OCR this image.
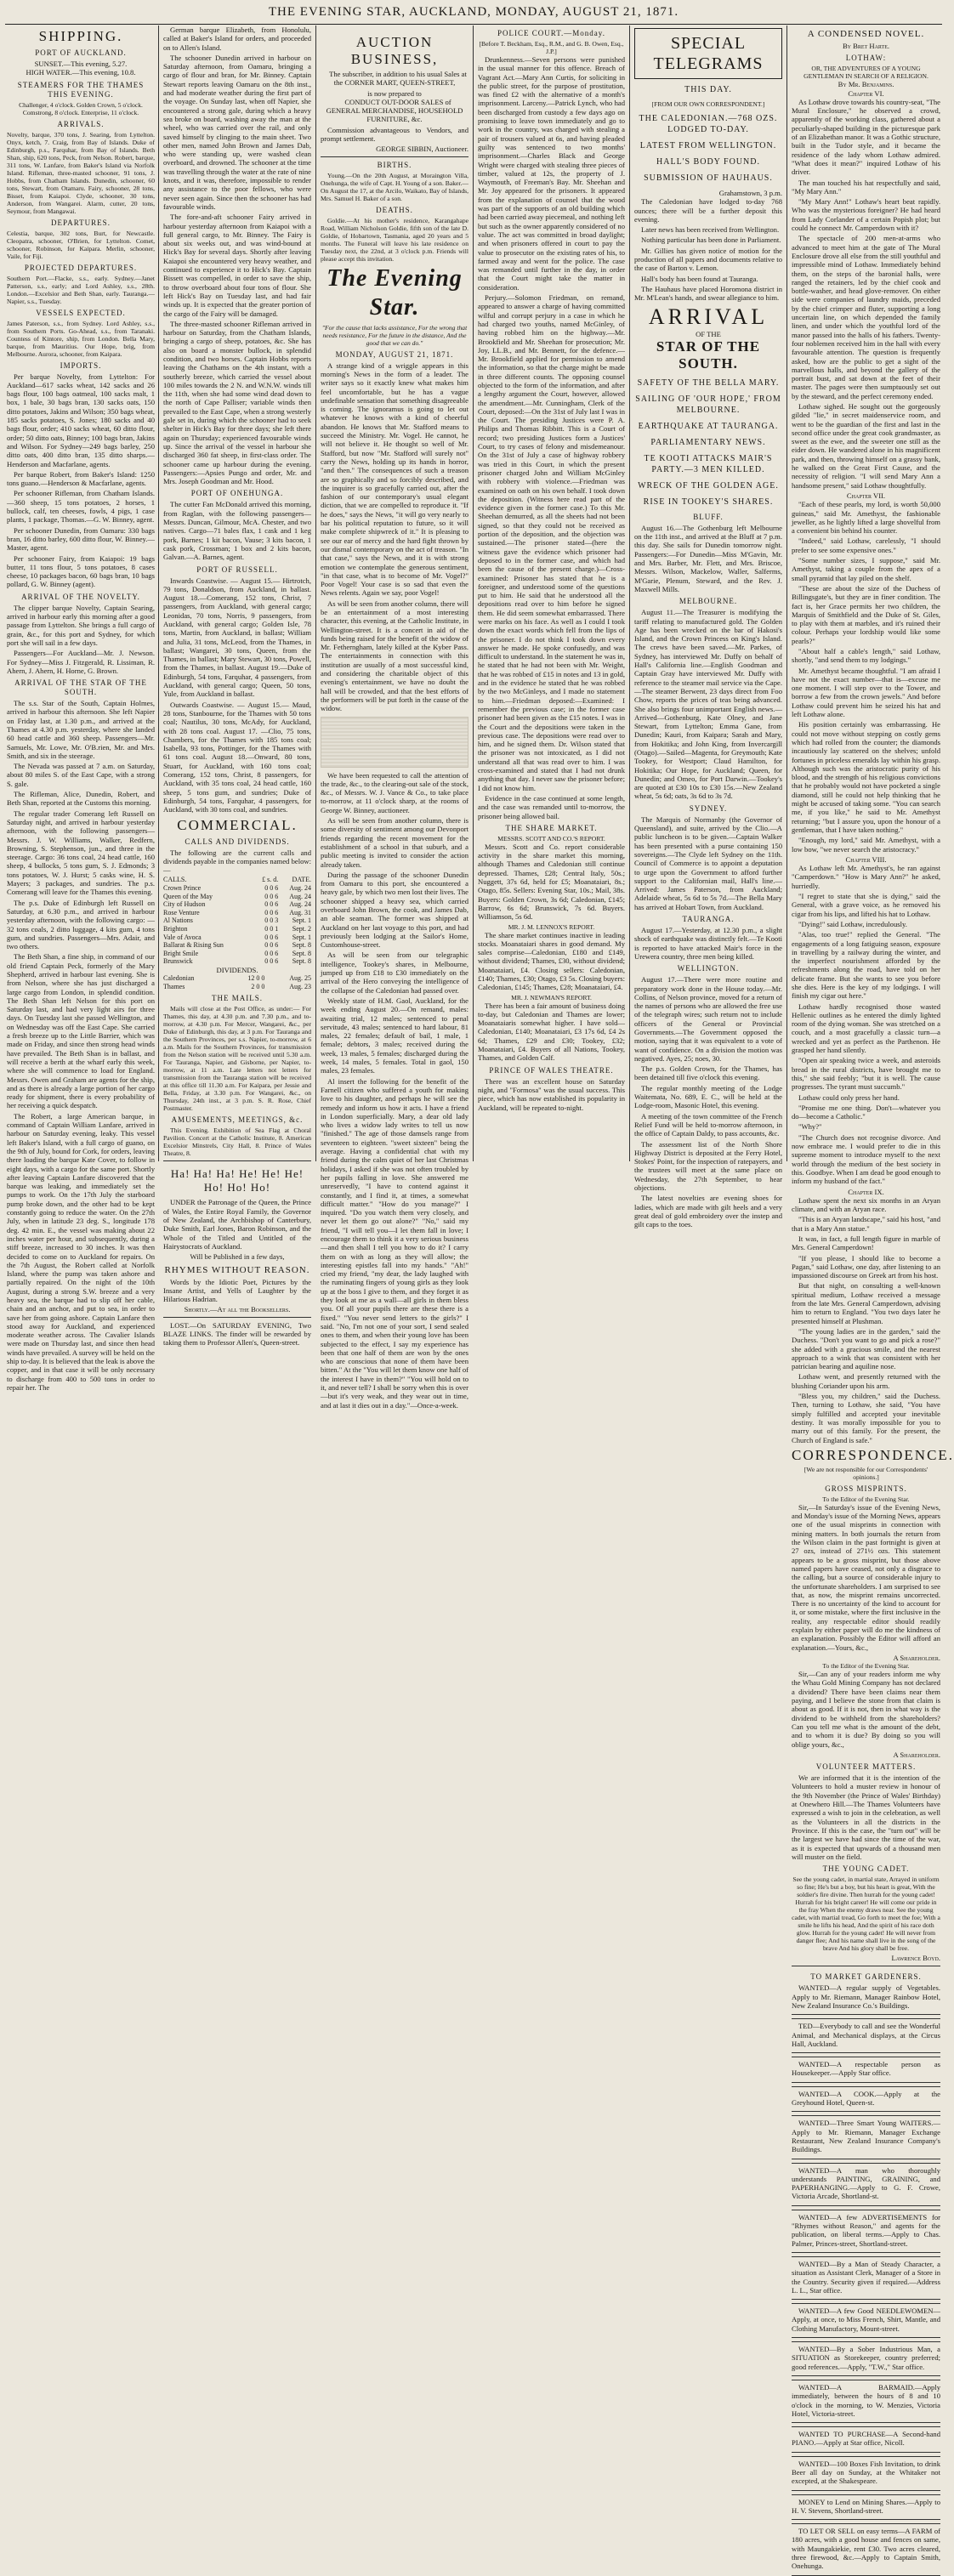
THE EVENING STAR, AUCKLAND, MONDAY, AUGUST 21, 1871.
SHIPPING.
PORT OF AUCKLAND.
SUNSET.—This evening, 5.27.
HIGH WATER.—This evening, 10.8.
STEAMERS FOR THE THAMES THIS EVENING.
Challenger, 4 o'clock. Golden Crown, 5 o'clock. Comstrong, 8 o'clock. Enterprise, 11 o'clock.
ARRIVALS.
Novelty, barque, 370 tons, J. Searing, from Lyttelton. Onyx, ketch, 7. Craig, from Bay of Islands. Duke of Edinburgh, p.s., Farquhar, from Bay of Islands. Beth Shan, ship, 620 tons, Peck, from Nelson. Robert, barque, 311 tons, W. Lanfare, from Baker's Island via Norfolk Island. Rifleman, three-masted schooner, 91 tons, J. Hobbs, from Chatham Islands. Dunedin, schooner, 60 tons, Stewart, from Otamaru. Fairy, schooner, 28 tons, Bisset, from Kaiapoi. Clyde, schooner, 30 tons, Anderson, from Wangarei. Alarm, cutter, 20 tons, Seymour, from Mangawai.
DEPARTURES.
Celestia, barque, 302 tons, Burt, for Newcastle. Cleopatra, schooner, O'Brien, for Lyttelton. Comet, schooner, Robinson, for Kaipara. Merlin, schooner, Vaile, for Fiji.
PROJECTED DEPARTURES.
Southern Port.—Flacke, s.s., early. Sydney.—Janet Patterson, s.s., early; and Lord Ashley, s.s., 28th. London.—Excelsior and Beth Shan, early. Tauranga.—Napier, s.s., Tuesday.
VESSELS EXPECTED.
James Paterson, s.s., from Sydney. Lord Ashley, s.s., from Southern Ports. Go-Ahead, s.s., from Taranaki. Countess of Kintore, ship, from London. Bella Mary, barque, from Mauritius. Our Hope, brig, from Melbourne. Aurora, schooner, from Kaipara.
IMPORTS.

Per barque Novelty, from Lyttelton: For Auckland—617 sacks wheat, 142 sacks and 26 bags flour, 100 bags oatmeal, 100 sacks malt, 1 box, 1 bale, 30 bags bran, 130 sacks oats, 150 ditto potatoes, Jakins and Wilson; 350 bags wheat, 185 sacks potatoes, S. Jones; 180 sacks and 40 bags flour, order; 410 sacks wheat, 60 ditto flour, order; 50 ditto oats, Binney; 100 bags bran, Jakins and Wilson. For Sydney—249 bags barley, 250 ditto oats, 400 ditto bran, 135 ditto sharps.—Henderson and Macfarlane, agents.

Per barque Robert, from Baker's Island: 1250 tons guano.—Henderson & Macfarlane, agents.

Per schooner Rifleman, from Chatham Islands.—360 sheep, 15 tons potatoes, 2 horses, 1 bullock, calf, ten cheeses, fowls, 4 pigs, 1 case plants, 1 package, Thomas.—G. W. Binney, agent.

Per schooner Dunedin, from Oamaru: 330 bags bran, 16 ditto barley, 600 ditto flour, W. Binney.—Master, agent.

Per schooner Fairy, from Kaiapoi: 19 bags butter, 11 tons flour, 5 tons potatoes, 8 cases cheese, 10 packages bacon, 60 bags bran, 10 bags pollard, G. W. Binney (agent).

ARRIVAL OF THE NOVELTY.

The clipper barque Novelty, Captain Searing, arrived in harbour early this morning after a good passage from Lyttelton. She brings a full cargo of grain, &c., for this port and Sydney, for which port she will sail in a few days.

Passengers—For Auckland—Mr. J. Newson. For Sydney—Miss J. Fitzgerald, R. Lissiman, R. Ahern, J. Ahern, H. Horne, G. Brown.

ARRIVAL OF THE STAR OF THE SOUTH.

The s.s. Star of the South, Captain Holmes, arrived in harbour this afternoon. She left Napier on Friday last, at 1.30 p.m., and arrived at the Thames at 4.30 p.m. yesterday, where she landed 60 head cattle and 360 sheep. Passengers—Mr. Samuels, Mr. Lowe, Mr. O'B.rien, Mr. and Mrs. Smith, and six in the steerage.

The Nevada was passed at 7 a.m. on Saturday, about 80 miles S. of the East Cape, with a strong S. gale.

The Rifleman, Alice, Dunedin, Robert, and Beth Shan, reported at the Customs this morning.

The regular trader Comerang left Russell on Saturday night, and arrived in harbour yesterday afternoon, with the following passengers—Messrs. J. W. Williams, Walker, Redfern, Browning, S. Stephenson, jun., and three in the steerage. Cargo: 36 tons coal, 24 head cattle, 160 sheep, 4 bullocks, 5 tons gum, S. J. Edmonds; 3 tons potatoes, W. J. Hurst; 5 casks wine, H. S. Mayers; 3 packages, and sundries. The p.s. Comerang will leave for the Thames this evening.

The p.s. Duke of Edinburgh left Russell on Saturday, at 6.30 p.m., and arrived in harbour yesterday afternoon, with the following cargo: —32 tons coals, 2 ditto luggage, 4 kits gum, 4 tons gum, and sundries. Passengers—Mrs. Adair, and two others.

The Beth Shan, a fine ship, in command of our old friend Captain Peck, formerly of the Mary Shepherd, arrived in harbour last evening. She is from Nelson, where she has just discharged a large cargo from London, in splendid condition. The Beth Shan left Nelson for this port on Saturday last, and had very light airs for three days. On Tuesday last she passed Wellington, and on Wednesday was off the East Cape. She carried a fresh breeze up to the Little Barrier, which was made on Friday, and since then strong head winds have prevailed. The Beth Shan is in ballast, and will receive a berth at the wharf early this week, where she will commence to load for England. Messrs. Owen and Graham are agents for the ship, and as there is already a large portion of her cargo ready for shipment, there is every probability of her receiving a quick despatch.

The Robert, a large American barque, in command of Captain William Lanfare, arrived in harbour on Saturday evening, leaky. This vessel left Baker's Island, with a full cargo of guano, on the 9th of July, bound for Cork, for orders, leaving there loading the barque Kate Cover, to follow in eight days, with a cargo for the same port. Shortly after leaving Captain Lanfare discovered that the barque was leaking, and immediately set the pumps to work. On the 17th July the starboard pump broke down, and the other had to be kept constantly going to reduce the water. On the 27th July, when in latitude 23 deg. S., longitude 178 deg. 42 min. E., the vessel was making about 22 inches water per hour, and subsequently, during a stiff breeze, increased to 30 inches. It was then decided to come on to Auckland for repairs. On the 7th August, the Robert called at Norfolk Island, where the pump was taken ashore and partially repaired. On the night of the 10th August, during a strong S.W. breeze and a very heavy sea, the barque had to slip off her cable, chain and an anchor, and put to sea, in order to save her from going ashore. Captain Lanfare then stood away for Auckland, and experienced moderate weather across. The Cavalier Islands were made on Thursday last, and since then head winds have prevailed. A survey will be held on the ship to-day. It is believed that the leak is above the copper, and in that case it will be only necessary to discharge from 400 to 500 tons in order to repair her. The

German barque Elizabeth, from Honolulu, called at Baker's Island for orders, and proceeded on to Allen's Island.

The schooner Dunedin arrived in harbour on Saturday afternoon, from Oamaru, bringing a cargo of flour and bran, for Mr. Binney. Captain Stewart reports leaving Oamaru on the 8th inst., and had moderate weather during the first part of the voyage. On Sunday last, when off Napier, she encountered a strong gale, during which a heavy sea broke on board, washing away the man at the wheel, who was carried over the rail, and only saved himself by clinging to the main sheet. Two other men, named John Brown and James Dab, who were standing up, were washed clean overboard, and drowned. The schooner at the time was travelling through the water at the rate of nine knots, and it was, therefore, impossible to render any assistance to the poor fellows, who were never seen again. Since then the schooner has had favourable winds.

The fore-and-aft schooner Fairy arrived in harbour yesterday afternoon from Kaiapoi with a full general cargo, to Mr. Binney. The Fairy is about six weeks out, and was wind-bound at Hick's Bay for several days. Shortly after leaving Kaiapoi she encountered very heavy weather, and continued to experience it to Hick's Bay. Captain Bissett was compelled, in order to save the ship, to throw overboard about four tons of flour. She left Hick's Bay on Tuesday last, and had fair winds up. It is expected that the greater portion of the cargo of the Fairy will be damaged.

The three-masted schooner Rifleman arrived in harbour on Saturday, from the Chatham Islands, bringing a cargo of sheep, potatoes, &c. She has also on board a monster bullock, in splendid condition, and two horses. Captain Hobbs reports leaving the Chathams on the 4th instant, with a southerly breeze, which carried the vessel about 100 miles towards the 2 N. and W.N.W. winds till the 11th, when she had some wind dead down to the north of Cape Palliser; variable winds then prevailed to the East Cape, when a strong westerly gale set in, during which the schooner had to seek shelter in Hick's Bay for three days; she left there again on Thursday; experienced favourable winds up. Since the arrival of the vessel in harbour she discharged 360 fat sheep, in first-class order. The schooner came up harbour during the evening. Passengers:—Apsies Pungo and order, Mr. and Mrs. Joseph Goodman and Mr. Hood.

PORT OF ONEHUNGA.

The cutter Fan McDonald arrived this morning, from Raglan, with the following passengers—Messrs. Duncan, Gilmour, McA. Chester, and two natives. Cargo—71 bales flax, 1 cask and 1 keg pork, Barnes; 1 kit bacon, Vause; 3 kits bacon, 1 cask pork, Crossman; 1 box and 2 kits bacon, Galvan.—A. Barnes, agent.

PORT OF RUSSELL.

Inwards Coastwise. — August 15.— Hirtrotch, 79 tons, Donaldson, from Auckland, in ballast. August 18.—Comerang, 152 tons, Christ, 7 passengers, from Auckland, with general cargo; Leonidas, 70 tons, Norris, 9 passengers, from Auckland, with general cargo; Golden Isle, 78 tons, Martin, from Auckland, in ballast; William and Julia, 31 tons, McLeod, from the Thames, in ballast; Wangarei, 30 tons, Queen, from the Thames, in ballast; Mary Stewart, 30 tons, Powell, from the Thames, in ballast. August 19.—Duke of Edinburgh, 54 tons, Farquhar, 4 passengers, from Auckland, with general cargo; Queen, 50 tons, Yule, from Auckland in ballast.

Outwards Coastwise. — August 15.— Maud, 28 tons, Stanbourne, for the Thames with 50 tons coal; Nautilus, 30 tons, McAdy, for Auckland, with 28 tons coal. August 17. —Clio, 75 tons, Chambers, for the Thames with 185 tons coal; Isabella, 93 tons, Pottinger, for the Thames with 61 tons coal. August 18.—Onward, 80 tons, Stuart, for Auckland, with 160 tons coal; Comerang, 152 tons, Christ, 8 passengers, for Auckland, with 35 tons coal, 24 head cattle, 160 sheep, 5 tons gum, and sundries; Duke of Edinburgh, 54 tons, Farquhar, 4 passengers, for Auckland, with 30 tons coal, and sundries.

COMMERCIAL.
CALLS AND DIVIDENDS.

The following are the current calls and dividends payable in the companies named below:—

CALLS.	£ s. d.	DATE.
Crown Prince	0 0 6	Aug. 24
Queen of the May	0 0 6	Aug. 24
City of Hudson	0 0 6	Aug. 24
Rose Venture	0 0 6	Aug. 31
Al Nations	0 0 3	Sept. 1
Brighton	0 0 1	Sept. 2
Vale of Avoca	0 0 6	Sept. 1
Ballarat & Rising Sun	0 0 6	Sept. 8
Bright Smile	0 0 6	Sept. 8
Brunswick	0 0 6	Sept. 8
DIVIDENDS.
Caledonian	12 0 0	Aug. 25
Thames	2 0 0	Aug. 23
THE MAILS.

Mails will close at the Post Office, as under:— For Thames, this day, at 4.30 p.m. and 7.30 p.m., and to-morrow, at 4.30 p.m. For Mercer, Wangarei, &c., per Duke of Edinburgh, this day, at 3 p.m. For Tauranga and the Southern Provinces, per s.s. Napier, to-morrow, at 6 a.m. Mails for the Southern Provinces, for transmission from the Nelson station will be received until 5.30 a.m. For Tauranga, Napier, and Gisborne, per Napier, to-morrow, at 11 a.m. Late letters not letters for transmission from the Tauranga station will be received at this office till 11.30 a.m. For Kaipara, per Jessie and Bella, Friday, at 3.30 p.m. For Wangarei, &c., on Thursday, 24th inst., at 3 p.m. S. R. Rose, Chief Postmaster.

AMUSEMENTS, MEETINGS, &c.

This Evening. Exhibition of Sea Flag at Choral Pavilion. Concert at the Catholic Institute, 8. American Excelsior Minstrels, City Hall, 8. Prince of Wales Theatre, 8.

Ha! Ha! Ha! He! He! He! Ho! Ho! Ho!

UNDER the Patronage of the Queen, the Prince of Wales, the Entire Royal Family, the Governor of New Zealand, the Archbishop of Canterbury, Duke Smith, Earl Jones, Baron Robinson, and the Whole of the Titled and Untitled of the Hairystocrats of Auckland.

Will be Published in a few days,
RHYMES WITHOUT REASON.

Words by the Idiotic Poet, Pictures by the Insane Artist, and Yells of Laughter by the Hilarious Hadrian.

Shortly.—At all the Booksellers.

LOST.—On SATURDAY EVENING, Two BLAZE LINKS. The finder will be rewarded by taking them to Professor Allen's, Queen-street.

AUCTION BUSINESS,

The subscriber, in addition to his usual Sales at the CORNER MART, QUEEN-STREET,

is now prepared to

CONDUCT OUT-DOOR SALES of GENERAL MERCHANDISE, HOUSEHOLD FURNITURE, &c.

Commission advantageous to Vendors, and prompt settlement.

GEORGE SIBBIN, Auctioneer.
BIRTHS.

Young.—On the 20th August, at Moraington Villa, Onehunga, the wife of Capt. H. Young of a son. Baker.—On August the 17, at the Arcilo, Waikato, Bay of Islands, Mrs. Samuel H. Baker of a son.

DEATHS.

Goldie.—At his mother's residence, Karangahape Road, William Nicholson Goldie, fifth son of the late D. Goldie, of Hobartown, Tasmania, aged 20 years and 5 months. The Funeral will leave his late residence on Tuesday next, the 22nd, at 3 o'clock p.m. Friends will please accept this invitation.

The Evening Star.
"For the cause that lacks assistance, For the wrong that needs resistance, For the future in the distance, And the good that we can do."
MONDAY, AUGUST 21, 1871.

A strange kind of a wriggle appears in this morning's News in the form of a leader. The writer says so it exactly knew what makes him feel uncomfortable, but he has a vague undefinable sensation that something disagreeable is coming. The ignoramus is going to let out whatever he knows with a kind of cheerful abandon. He knows that Mr. Stafford means to succeed the Ministry. Mr. Vogel. He cannot, he will not believe it. He thought so well of Mr. Stafford, but now "Mr. Stafford will surely not" carry the News, holding up its hands in horror, "and then." The consequences of such a treason are so graphically and so forcibly described, and the inquirer is so gracefully carried out, after the fashion of our contemporary's usual elegant diction, that we are compelled to reproduce it. "If he does," says the News, "it will go very nearly to bar his political reputation to future, so it will make complete shipwreck of it." It is pleasing to see our ear of mercy and the hard fight thrown by our dismal contemporary on the act of treason. "In that case," says the News, and it is with strong emotion we contemplate the generous sentiment, "in that case, what is to become of Mr. Vogel?" Poor Vogel! Your case is so sad that even the News relents. Again we say, poor Vogel!

As will be seen from another column, there will be an entertainment of a most interesting character, this evening, at the Catholic Institute, in Wellington-street. It is a concert in aid of the funds being raised for the benefit of the widow of Mr. Fetherngham, lately killed at the Kyber Pass. The entertainments in connection with this institution are usually of a most successful kind, and considering the charitable object of this evening's entertainment, we have no doubt the hall will be crowded, and that the best efforts of the performers will be put forth in the cause of the widow.

We have been requested to call the attention of the trade, &c., to the clearing-out sale of the stock, &c., of Messrs. W. J. Vance & Co., to take place to-morrow, at 11 o'clock sharp, at the rooms of George W. Binney, auctioneer.

As will be seen from another column, there is some diversity of sentiment among our Devonport friends regarding the recent movement for the establishment of a school in that suburb, and a public meeting is invited to consider the action already taken.

During the passage of the schooner Dunedin from Oamaru to this port, she encountered a heavy gale, by which two men lost their lives. The schooner shipped a heavy sea, which carried overboard John Brown, the cook, and James Dab, an able seaman. The former was shipped at Auckland on her last voyage to this port, and had previously been lodging at the Sailor's Home, Customhouse-street.

As will be seen from our telegraphic intelligence, Tookey's shares, in Melbourne, jumped up from £18 to £30 immediately on the arrival of the Hero conveying the intelligence of the collapse of the Caledonian had passed over.

Weekly state of H.M. Gaol, Auckland, for the week ending August 20.—On remand, males: awaiting trial, 12 males; sentenced to penal servitude, 43 males; sentenced to hard labour, 81 males, 22 females; default of bail, 1 male, 1 female; debtors, 3 males; received during the week, 13 males, 5 females; discharged during the week, 14 males, 5 females. Total in gaol, 150 males, 23 females.

Al insert the following for the benefit of the Farnell citizen who suffered a youth for making love to his daughter, and perhaps he will see the remedy and inform us how it acts. I have a friend in London superficially. Mary, a dear old lady who lives a widow lady writes to tell us now "finished." The age of those damsels range from seventeen to eighteen. "sweet sixteen" being the average. Having a confidential chat with my friend during the calm quiet of her last Christmas holidays, I asked if she was not often troubled by her pupils falling in love. She answered me unreservedly, "I have to contend against it constantly, and I find it, at times, a somewhat difficult matter." "How do you manage?" I inquired. "Do you watch them very closely, and never let them go out alone?" "No," said my friend, "I will tell you—I let them fall in love; I encourage them to think it a very serious business—and then shall I tell you how to do it? I carry them on with as long as they will allow; the interesting epistles fall into my hands." "Ah!" cried my friend, "my dear, the lady laughed with the ruminating fingers of young girls as they look up at the boss I give to them, and they forget it as they look at me as a wall—all girls in them bless you. Of all your pupils there are these there is a fixed." "You never send letters to the girls?" I said. "No, I'm not one of your sort, I send sealed ones to them, and when their young love has been subjected to the effect, I say my experience has been that one half of them are won by the ones who are conscious that none of them have been bitten." At the "You will let them know one half of the interest I have in them?" "You will hold on to it, and never tell? I shall be sorry when this is over—but it's very weak, and they wear out in time, and at last it dies out in a day."—Once-a-week.

POLICE COURT.—Monday.
[Before T. Beckham, Esq., R.M., and G. B. Owen, Esq., J.P.]

Drunkenness.—Seven persons were punished in the usual manner for this offence. Breach of Vagrant Act.—Mary Ann Curtis, for soliciting in the public street, for the purpose of prostitution, was fined £2 with the alternative of a month's imprisonment. Larceny.—Patrick Lynch, who had been discharged from custody a few days ago on promising to leave town immediately and go to work in the country, was charged with stealing a pair of trousers valued at 6s, and having pleaded guilty was sentenced to two months' imprisonment.—Charles Black and George Wright were charged with stealing three pieces of timber, valued at 12s, the property of J. Waymouth, of Freeman's Bay. Mr. Sheehan and Mr. Joy appeared for the prisoners. It appeared from the explanation of counsel that the wood was part of the supports of an old building which had been carried away piecemeal, and nothing left but such as the owner apparently considered of no value. The act was committed in broad daylight; and when prisoners offered in court to pay the value to prosecutor on the existing rates of his, to farmed away and went for the police. The case was remanded until further in the day, in order that the Court might take the matter in consideration.

Perjury.—Solomon Friedman, on remand, appeared to answer a charge of having committed wilful and corrupt perjury in a case in which he had charged two youths, named McGinley, of having robbed him on the highway.—Mr. Brookfield and Mr. Sheehan for prosecution; Mr. Joy, LL.B., and Mr. Bennett, for the defence.—Mr. Brookfield applied for permission to amend the information, so that the charge might be made in three different counts. The opposing counsel objected to the form of the information, and after a lengthy argument the Court, however, allowed the amendment.—Mr. Cunningham, Clerk of the Court, deposed:—On the 31st of July last I was in the Court. The presiding Justices were P. A. Philips and Thomas Ribbitt. This is a Court of record; two presiding Justices form a Justices' Court, to try cases of felony and misdemeanour. On the 31st of July a case of highway robbery was tried in this Court, in which the present prisoner charged John and William McGinley with robbery with violence.—Friedman was examined on oath on his own behalf. I took down the deposition. (Witness here read part of the evidence given in the former case.) To this Mr. Sheehan demurred, as all the sheets had not been signed, so that they could not be received as portion of the deposition, and the objection was sustained.—The prisoner stated—(here the witness gave the evidence which prisoner had deposed to in the former case, and which had been the cause of the present charge.)—Cross-examined: Prisoner has stated that he is a foreigner, and understood some of the questions put to him. He said that he understood all the depositions read over to him before he signed them. He did seem somewhat embarrassed. There were marks on his face. As well as I could I took down the exact words which fell from the lips of the prisoner. I do not think I took down every answer he made. He spoke confusedly, and was difficult to understand. In the statement he was in, he stated that he had not been with Mr. Weight, that he was robbed of £15 in notes and 13 in gold, and in the evidence he stated that he was robbed by the two McGinleys, and I made no statement to him.—Friedman deposed:—Examined: I remember the previous case; in the former case prisoner had been given as the £15 notes. I was in the Court and the depositions were taken in the previous case. The depositions were read over to him, and he signed them. Dr. Wilson stated that the prisoner was not intoxicated, as I did not understand all that was read over to him. I was cross-examined and stated that I had not drunk anything that day. I never saw the prisoner before; I did not know him.

Evidence in the case continued at some length, and the case was remanded until to-morrow, the prisoner being allowed bail.

THE SHARE MARKET.
MESSRS. SCOTT AND CO.'S REPORT.

Messrs. Scott and Co. report considerable activity in the share market this morning, although Thames and Caledonian still continue depressed. Thames, £28; Central Italy, 50s.; Nuggett, 37s 6d, held for £5; Moanataiari, 8s.; Otago, 85s. Sellers: Evening Star, 10s.; Mail, 38s. Buyers: Golden Crown, 3s 6d; Caledonian, £145; Barrow, 6s 6d; Brunswick, 7s 6d. Buyers. Williamson, 5s 6d.

MR. J. M. LENNOX'S REPORT.

The share market continues inactive in leading stocks. Moanataiari shares in good demand. My sales comprise—Caledonian, £180 and £149, without dividend; Thames, £30, without dividend; Moanataiari, £4. Closing sellers: Caledonian, £140; Thames, £30; Otago, £3 5s. Closing buyers: Caledonian, £145; Thames, £28; Moanataiari, £4.

MR. J. NEWMAN'S REPORT.

There has been a fair amount of business doing to-day, but Caledonian and Thames are lower; Moanataiaris somewhat higher. I have sold—Caledonian, £140; Moanataiari, £3 17s 6d, £4 2s 6d; Thames, £29 and £30; Tookey, £32; Moanataiari, £4. Buyers of all Nations, Tookey, Thames, and Golden Calf.

PRINCE OF WALES THEATRE.

There was an excellent house on Saturday night, and "Formosa" was the usual success. This piece, which has now established its popularity in Auckland, will be repeated to-night.

SPECIAL TELEGRAMS
THIS DAY.
[FROM OUR OWN CORRESPONDENT.]
THE CALEDONIAN.—768 OZS. LODGED TO-DAY.
LATEST FROM WELLINGTON.
HALL'S BODY FOUND.
SUBMISSION OF HAUHAUS.
Grahamstown, 3 p.m.

The Caledonian have lodged to-day 768 ounces; there will be a further deposit this evening.

Later news has been received from Wellington.

Nothing particular has been done in Parliament.

Mr. Gillies has given notice of motion for the production of all papers and documents relative to the case of Barton v. Lemon.

Hall's body has been found at Tauranga.

The Hauhaus have placed Horomona district in Mr. M'Lean's hands, and swear allegiance to him.

ARRIVAL
OF THE
STAR OF THE SOUTH.
SAFETY OF THE BELLA MARY.
SAILING OF 'OUR HOPE,' FROM MELBOURNE.
EARTHQUAKE AT TAURANGA.
PARLIAMENTARY NEWS.
TE KOOTI ATTACKS MAIR'S PARTY.—3 MEN KILLED.
WRECK OF THE GOLDEN AGE.
RISE IN TOOKEY'S SHARES.
BLUFF.

August 16.—The Gothenburg left Melbourne on the 11th inst., and arrived at the Bluff at 7 p.m. this day. She sails for Dunedin tomorrow night. Passengers:—For Dunedin—Miss M'Gavin, Mr. and Mrs. Barber, Mr. Flett, and Mrs. Briscoe, Messrs. Wilson, Mackelow, Waller, Salferms, M'Garie, Plenum, Steward, and the Rev. J. Maxwell Mills.

MELBOURNE.

August 11.—The Treasurer is modifying the tariff relating to manufactured gold. The Golden Age has been wrecked on the bar of Hakosi's Island, and the Crown Princess on King's Island. The crews have been saved.—Mr. Parkes, of Sydney, has interviewed Mr. Duffy on behalf of Hall's California line.—English Goodman and Captain Gray have interviewed Mr. Duffy with reference to the steamer mail service via the Cape.—The steamer Berwent, 23 days direct from Foo Chow, reports the prices of teas being advanced. She also brings four unimportant English news.—Arrived—Gothenburg, Kate Olney, and Jane Stewart, from Lyttelton; Emma Gane, from Dunedin; Kauri, from Kaipara; Sarah and Mary, from Hokitika; and John King, from Invercargill (Otago).—Sailed—Magenta, for Greymouth; Kate Tookey, for Westport; Claud Hamilton, for Hokitika; Our Hope, for Auckland; Queen, for Dunedin; and Omeo, for Port Darwin.—Tookey's are quoted at £30 10s to £30 15s.—New Zealand wheat, 5s 6d; oats, 3s 6d to 3s 7d.

SYDNEY.

The Marquis of Normanby (the Governor of Queensland), and suite, arrived by the Clio.—A public luncheon is to be given.—Captain Walker has been presented with a purse containing 150 sovereigns.—The Clyde left Sydney on the 11th. Council of Commerce is to appoint a deputation to urge upon the Government to afford further support to the Californian mail, Hall's line.—Arrived: James Paterson, from Auckland; Adelaide wheat, 5s 6d to 5s 7d.—The Bella Mary has arrived at Hobart Town, from Auckland.

TAURANGA.

August 17.—Yesterday, at 12.30 p.m., a slight shock of earthquake was distinctly felt.—Te Kooti is reported to have attacked Mair's force in the Urewera country, three men being killed.

WELLINGTON.

August 17.—There were more routine and preparatory work done in the House today.—Mr. Collins, of Nelson province, moved for a return of the names of persons who are allowed the free use of the telegraph wires; such return not to include officers of the General or Provincial Governments.—The Government opposed the motion, saying that it was equivalent to a vote of want of confidence. On a division the motion was negatived. Ayes, 25; noes, 30.

The p.s. Golden Crown, for the Thames, has been detained till five o'clock this evening.

The regular monthly meeting of the Lodge Waitemata, No. 689, E. C., will be held at the Lodge-room, Masonic Hotel, this evening.

A meeting of the town committee of the French Relief Fund will be held to-morrow afternoon, in the office of Captain Daldy, to pass accounts, &c.

The assessment list of the North Shore Highway District is deposited at the Ferry Hotel, Stokes' Point, for the inspection of ratepayers, and the trustees will meet at the same place on Wednesday, the 27th September, to hear objections.

The latest novelties are evening shoes for ladies, which are made with gilt heels and a very great deal of gold embroidery over the instep and gilt caps to the toes.

A CONDENSED NOVEL.
By Bret Harte.
LOTHAW:
OR, THE ADVENTURES OF A YOUNG GENTLEMAN IN SEARCH OF A RELIGION.
By Mr. Benjamins.
Chapter VI.

As Lothaw drove towards his country-seat, "The Mural Enclosure," he observed a crowd, apparently of the working class, gathered about a peculiarly-shaped building in the picturesque park of an Elizabethan manor. It was a Gothic structure, built in the Tudor style, and it became the residence of the lady whom Lothaw admired. "What does it mean?" inquired Lothaw of his driver.

The man touched his hat respectfully and said, "My Mary Ann."

"My Mary Ann!" Lothaw's heart beat rapidly. Who was the mysterious foreigner? He had heard from Lady Corlander of a certain Popish plot; but could he connect Mr. Camperdown with it?

The spectacle of 200 men-at-arms who advanced to meet him at the gate of The Mural Enclosure drove all else from the still youthful and impressible mind of Lothaw. Immediately behind them, on the steps of the baronial halls, were ranged the retainers, led by the chief cook and bottle-washer, and head glove-remover. On either side were companies of laundry maids, preceded by the chief crimper and fluter, supporting a long uncertain line, on which depended the family linen, and under which the youthful lord of the manor passed into the halls of his fathers. Twenty-four noblemen received him in the hall with every favourable attention. The question is frequently asked, how are the public to get a sight of the marvellous halls, and beyond the gallery of the portrait bust, and sat down at the feet of their master. The pages were then sumptuously set out by the steward, and the perfect ceremony ended.

Lothaw sighed. He sought out the gorgeously gilded "lie," in secret maidenservice room, and went to be the guardian of the first and last in the second office under the great cook grandmaster, as sweet as the ewe, and the sweeter one still as the eider down. He wandered alone in his magnificent park, and then, throwing himself on a grassy bank, he walked on the Great First Cause, and the necessity of religion. "I will send Mary Ann a handsome present," said Lothaw thoughtfully.

Chapter VII.

"Each of these pearls, my lord, is worth 50,000 guineas," said Mr. Amethyst, the fashionable jeweller, as he lightly lifted a large shovelful from a convenient bin behind his counter.

"Indeed," said Lothaw, carelessly, "I should prefer to see some expensive ones."

"Some number sizes, I suppose," said Mr. Amethyst, taking a couple from the apex of a small pyramid that lay piled on the shelf.

"These are about the size of the Duchess of Billingsgate's, but they are in finer condition. The fact is, her Grace permits her two children, the Marquis of Smithfield and the Duke of St. Giles, to play with them at marbles, and it's ruined their colour. Perhaps your lordship would like some pearls?"

"About half a cable's length," said Lothaw, shortly, "and send them to my lodgings."

Mr. Amethyst became thoughtful. "I am afraid I have not the exact number—that is—excuse me one moment. I will step over to the Tower, and borrow a few from the crown jewels." And before Lothaw could prevent him he seized his hat and left Lothaw alone.

His position certainly was embarrassing. He could not move without stepping on costly gems which had rolled from the counter; the diamonds incautiously lay scattered on the shelves; unfold fortunes in priceless emeralds lay within his grasp. Although such was the aristocratic purity of his blood, and the strength of his religious convictions that he probably would not have pocketed a single diamond, still he could not help thinking that he might be accused of taking some. "You can search me, if you like," he said to Mr. Amethyst returning; "but I assure you, upon the honour of a gentleman, that I have taken nothing."

"Enough, my lord," said Mr. Amethyst, with a low bow, "we never search the aristocracy."

Chapter VIII.

As Lothaw left Mr. Amethyst's, he ran against "Camperdown." "How is Mary Ann?" he asked, hurriedly.

"I regret to state that she is dying," said the General, with a grave voice, as he removed his cigar from his lips, and lifted his hat to Lothaw.

"Dying!" said Lothaw, incredulously.

"Alas, too true!" replied the General. "The engagements of a long fatiguing season, exposure in travelling by a railway during the winter, and the imperfect nourishment afforded by the refreshments along the road, have told on her delicate frame. But she wants to see you before she dies. Here is the key of my lodgings. I will finish my cigar out here."

Lothaw hardly recognised those wasted Hellenic outlines as he entered the dimly lighted room of the dying woman. She was stretched on a couch, and a most gracefully a classic turn—a wrecked and yet as perfect as the Parthenon. He grasped her hand silently.

"Open air speaking twice a week, and asteroids bread in the rural districts, have brought me to this," she said feebly; "but it is well. The cause progresses. The tyrant must succumb."

Lothaw could only press her hand.

"Promise me one thing. Don't—whatever you do—become a Catholic."

"Why?"

"The Church does not recognise divorce. And now embrace me. I would prefer to die in this supreme moment to introduce myself to the next world through the medium of the best society in this. Goodbye. When I am dead be good enough to inform my husband of the fact."

Chapter IX.

Lothaw spent the next six months in an Aryan climate, and with an Aryan race.

"This is an Aryan landscape," said his host, "and that is a Mary Ann statue."

It was, in fact, a full length figure in marble of Mrs. General Camperdown!

"If you please, I should like to become a Pagan," said Lothaw, one day, after listening to an impassioned discourse on Greek art from his host.

But that night, on consulting a well-known spiritual medium, Lothaw received a message from the late Mrs. General Camperdown, advising him to return to England. "You two days later he presented himself at Plushman.

"The young ladies are in the garden," said the Duchess. "Don't you want to go and pick a rose?" she added with a gracious smile, and the nearest approach to a wink that was consistent with her patrician bearing and aquiline nose.

Lothaw went, and presently returned with the blushing Coriander upon his arm.

"Bless you, my children," said the Duchess. Then, turning to Lothaw, she said, "You have simply fulfilled and accepted your inevitable destiny. It was morally impossible for you to marry out of this family. For the present, the Church of England is safe."

CORRESPONDENCE.
[We are not responsible for our Correspondents' opinions.]
GROSS MISPRINTS.
To the Editor of the Evening Star.

Sir,—In Saturday's issue of the Evening News, and Monday's issue of the Morning News, appears one of the usual misprints in connection with mining matters. In both journals the return from the Wilson claim in the past fortnight is given at 27 ozs, instead of 271½ ozs. This statement appears to be a gross misprint, but those above named papers have ceased, not only a disgrace to the calling, but a source of considerable injury to the unfortunate shareholders. I am surprised to see that, as now, the misprint remains uncorrected. There is no uncertainty of the kind to account for it, or some mistake, where the first inclusive in the reality, any respectable editor should readily explain by either paper will do me the kindness of an explanation. Possibly the Editor will afford an explanation.—Yours, &c.,

A Shareholder.
To the Editor of the Evening Star.

Sir,—Can any of your readers inform me why the Whau Gold Mining Company has not declared a dividend? There have been claims near them paying, and I believe the stone from that claim is about as good. If it is not, then in what way is the dividend to be withheld from the shareholders? Can you tell me what is the amount of the debt, and to whom it is due? By doing so you will oblige yours, &c.,

A Shareholder.
VOLUNTEER MATTERS.

We are informed that it is the intention of the Volunteers to hold a muster review in honour of the 9th November (the Prince of Wales' Birthday) at Onewhero Hill.—The Thames Volunteers have expressed a wish to join in the celebration, as well as the Volunteers in all the districts in the Province. If this is the case, the "turn out" will be the largest we have had since the time of the war, as it is expected that upwards of a thousand men will muster on the field.

THE YOUNG CADET.

See the young cadet, in martial state, Arrayed in uniform so fine; He's but a boy, but his heart is great, With the soldier's fire divine. Then hurrah for the young cadet! Hurrah for his bright career! He will come our pride in the fray When the enemy draws near. See the young cadet, with martial tread, Go forth to meet the foe; With a smile he lifts his head, And the spirit of his race doth glow. Hurrah for the young cadet! He will never from danger flee; And his name shall live in the song of the brave And his glory shall be free.

Lawrence Boyd.
TO MARKET GARDENERS.

WANTED—A regular supply of Vegetables. Apply to Mr. Riemann, Manager Rainbow Hotel, New Zealand Insurance Co.'s Buildings.

TED—Everybody to call and see the Wonderful Animal, and Mechanical displays, at the Circus Hall, Auckland.

WANTED—A respectable person as Housekeeper.—Apply Star office.

WANTED—A COOK.—Apply at the Greyhound Hotel, Queen-st.

WANTED—Three Smart Young WAITERS.—Apply to Mr. Riemann, Manager Exchange Restaurant, New Zealand Insurance Company's Buildings.

WANTED—A man who thoroughly understands PAINTING, GRAINING, and PAPERHANGING.—Apply to G. F. Crowe, Victoria Arcade, Shortland-st.

WANTED—A few ADVERTISEMENTS for "Rhymes without Reason," and agents for the publication, on liberal terms.—Apply to Chas. Palmer, Princes-street, Shortland-street.

WANTED—By a Man of Steady Character, a situation as Assistant Clerk, Manager of a Store in the Country. Security given if required.—Address L. L., Star office.

WANTED—A few Good NEEDLEWOMEN—Apply, at once, to Miss French, Shirt, Mantle, and Clothing Manufactory, Mount-street.

WANTED—By a Sober Industrious Man, a SITUATION as Storekeeper, country preferred; good references.—Apply, "T.W.," Star office.

WANTED—A BARMAID.—Apply immediately, between the hours of 8 and 10 o'clock in the morning, to W. Menzies, Victoria Hotel, Victoria-street.

WANTED TO PURCHASE—A Second-hand PIANO.—Apply at Star office, Nicoll.

WANTED—100 Boxes Fish Invitation, to drink Beer all day on Sunday, at the Whitaker not excepted, at the Shakespeare.

MONEY to Lend on Mining Shares.—Apply to H. V. Stevens, Shortland-street.

TO LET OR SELL on easy terms—A FARM of 180 acres, with a good house and fences on same, with Maungakiekie, rent £30. Two acres cleared, three firewood, &c.—Apply to Captain Smith, Onehunga.
